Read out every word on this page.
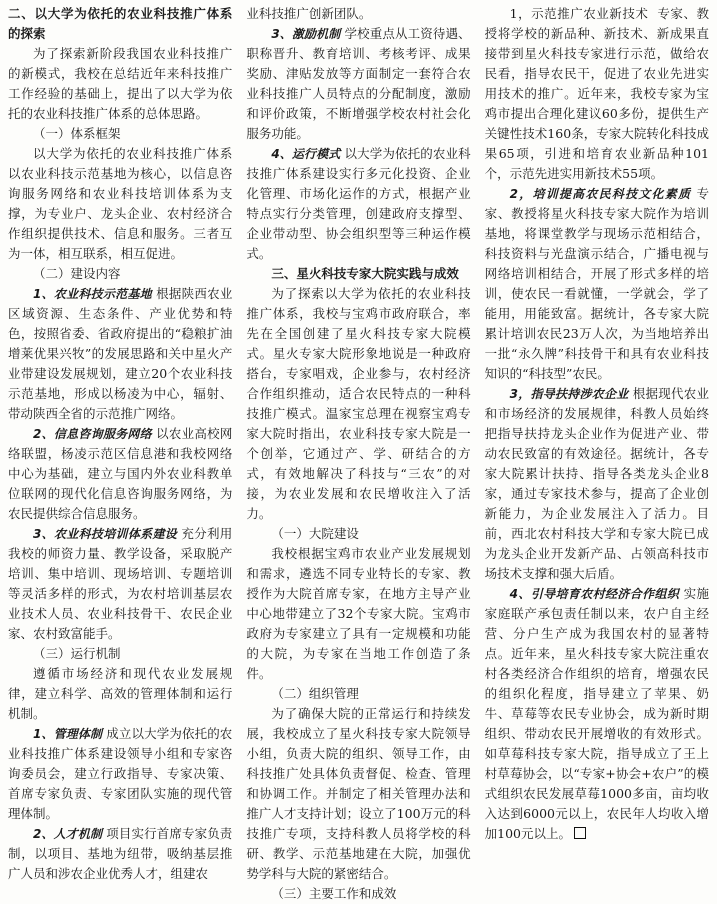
二、以大学为依托的农业科技推广体系的探索

为了探索新阶段我国农业科技推广的新模式，我校在总结近年来科技推广工作经验的基础上，提出了以大学为依托的农业科技推广体系的总体思路。

（一）体系框架

以大学为依托的农业科技推广体系以农业科技示范基地为核心，以信息咨询服务网络和农业科技培训体系为支撑，为专业户、龙头企业、农村经济合作组织提供技术、信息和服务。三者互为一体，相互联系，相互促进。

（二）建设内容

1、农业科技示范基地 根据陕西农业区域资源、生态条件、产业优势和特色，按照省委、省政府提出的“稳粮扩油增莱优果兴牧”的发展思路和关中星火产业带建设发展规划，建立20个农业科技示范基地，形成以杨凌为中心，辐射、带动陕西全省的示范推广网络。

2、信息咨询服务网络 以农业高校网络联盟，杨凌示范区信息港和我校网络中心为基础，建立与国内外农业科教单位联网的现代化信息咨询服务网络，为农民提供综合信息服务。

3、农业科技培训体系建设 充分利用我校的师资力量、教学设备，采取脱产培训、集中培训、现场培训、专题培训等灵活多样的形式，为农村培训基层农业技术人员、农业科技骨干、农民企业家、农村致富能手。

（三）运行机制

遵循市场经济和现代农业发展规律，建立科学、高效的管理体制和运行机制。

1、管理体制 成立以大学为依托的农业科技推广体系建设领导小组和专家咨询委员会，建立行政指导、专家决策、首席专家负责、专家团队实施的现代管理体制。

2、人才机制 项目实行首席专家负责制，以项目、基地为纽带，吸纳基层推广人员和涉农企业优秀人才，组建农

业科技推广创新团队。

3、激励机制 学校重点从工资待遇、职称晋升、教育培训、考核考评、成果奖励、津贴发放等方面制定一套符合农业科技推广人员特点的分配制度，激励和评价政策，不断增强学校农村社会化服务功能。

4、运行模式 以大学为依托的农业科技推广体系建设实行多元化投资、企业化管理、市场化运作的方式，根据产业特点实行分类管理，创建政府支撑型、企业带动型、协会组织型等三种运作模式。

三、星火科技专家大院实践与成效

为了探索以大学为依托的农业科技推广体系，我校与宝鸡市政府联合，率先在全国创建了星火科技专家大院模式。星火专家大院形象地说是一种政府搭台，专家唱戏，企业参与，农村经济合作组织推动，适合农民特点的一种科技推广模式。温家宝总理在视察宝鸡专家大院时指出，农业科技专家大院是一个创举，它通过产、学、研结合的方式，有效地解决了科技与“三农”的对接，为农业发展和农民增收注入了活力。

（一）大院建设

我校根据宝鸡市农业产业发展规划和需求，遴选不同专业特长的专家、教授作为大院首席专家，在地方主导产业中心地带建立了32个专家大院。宝鸡市政府为专家建立了具有一定规模和功能的大院，为专家在当地工作创造了条件。

（二）组织管理

为了确保大院的正常运行和持续发展，我校成立了星火科技专家大院领导小组，负责大院的组织、领导工作，由科技推广处具体负责督促、检查、管理和协调工作。并制定了相关管理办法和推广人才支持计划；设立了100万元的科技推广专项，支持科教人员将学校的科研、教学、示范基地建在大院，加强优势学科与大院的紧密结合。

（三）主要工作和成效

1，示范推广农业新技术 专家、教授将学校的新品种、新技术、新成果直接带到星火科技专家进行示范，做给农民看，指导农民干，促进了农业先进实用技术的推广。近年来，我校专家为宝鸡市提出合理化建议60多份，提供生产关键性技术160条，专家大院转化科技成果65项，引进和培育农业新品种101个，示范先进实用新技术55项。

2，培训提高农民科技文化素质 专家、教授将星火科技专家大院作为培训基地，将课堂教学与现场示范相结合，科技资料与光盘演示结合，广播电视与网络培训相结合，开展了形式多样的培训，使农民一看就懂，一学就会，学了能用，用能致富。据统计，各专家大院累计培训农民23万人次，为当地培养出一批“永久牌”科技骨干和具有农业科技知识的“科技型”农民。

3，指导扶持涉农企业 根据现代农业和市场经济的发展规律，科教人员始终把指导扶持龙头企业作为促进产业、带动农民致富的有效途径。据统计，各专家大院累计扶持、指导各类龙头企业8家，通过专家技术参与，提高了企业创新能力，为企业发展注入了活力。目前，西北农村科技大学和专家大院已成为龙头企业开发新产品、占领高科技市场技术支撑和强大后盾。

4、引导培育农村经济合作组织 实施家庭联产承包责任制以来，农户自主经营、分户生产成为我国农村的显著特点。近年来，星火科技专家大院注重农村各类经济合作组织的培育，增强农民的组织化程度，指导建立了苹果、奶牛、草莓等农民专业协会，成为新时期组织、带动农民开展增收的有效形式。如草莓科技专家大院，指导成立了王上村草莓协会，以“专家+协会+农户”的模式组织农民发展草莓1000多亩，亩均收入达到6000元以上，农民年人均收入增加100元以上。
